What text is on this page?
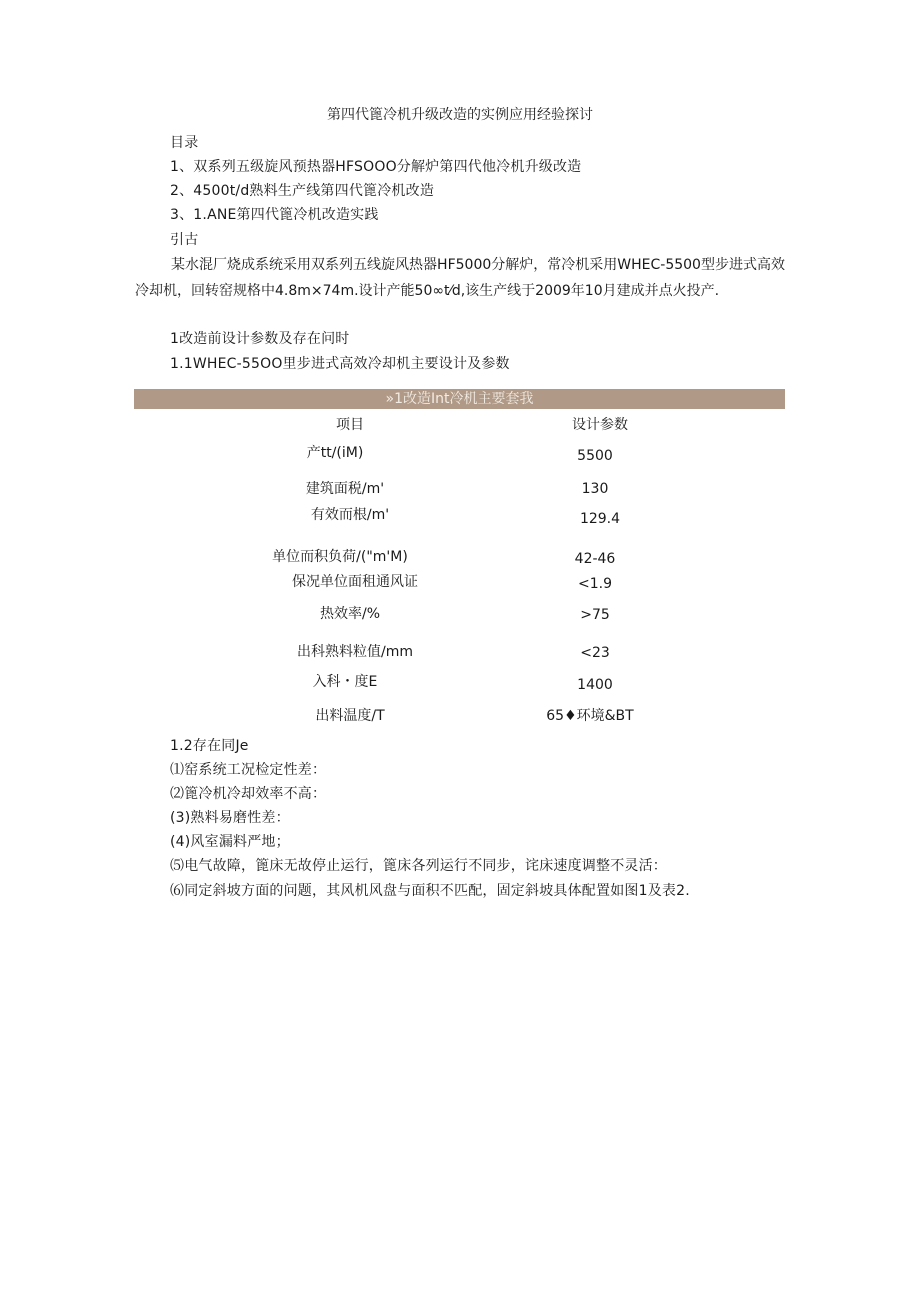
第四代篦冷机升级改造的实例应用经验探讨
目录
1、双系列五级旋风预热器HFSOOO分解炉第四代他冷机升级改造
2、4500t/d熟料生产线第四代篦冷机改造
3、1.ANE第四代篦冷机改造实践
引古
某水混厂烧成系统采用双系列五线旋风热器HF5000分解炉，常冷机采用WHEC-5500型步进式高效冷却机，回转窑规格中4.8m×74m.设计产能50∞t⁄d,该生产线于2009年10月建成并点火投产.
1改造前设计参数及存在问时
1.1WHEC-55OO里步进式高效冷却机主要设计及参数
»1改造Int冷机主要套我
项目	设计参数
产tt∕(iM)	5500
建筑面税/m'	130
有效而根∕m'	129.4
单位而积负荷/("m'M)	42-46
保况单位面租通风证	<1.9
热效率/%	>75
出科熟料粒值∕mm	<23
入科・度E	1400
出料温度/T	65♦环境&BT
1.2存在同Je
⑴窑系统工况检定性差：
⑵篦冷机冷却效率不高：
(3)熟料易磨性差：
(4)风室漏料严地；
⑸电气故障，篦床无故停止运行，篦床各列运行不同步，诧床速度调整不灵活：
⑹同定斜坡方面的问题，其风机风盘与面积不匹配，固定斜坡具体配置如图1及表2.
